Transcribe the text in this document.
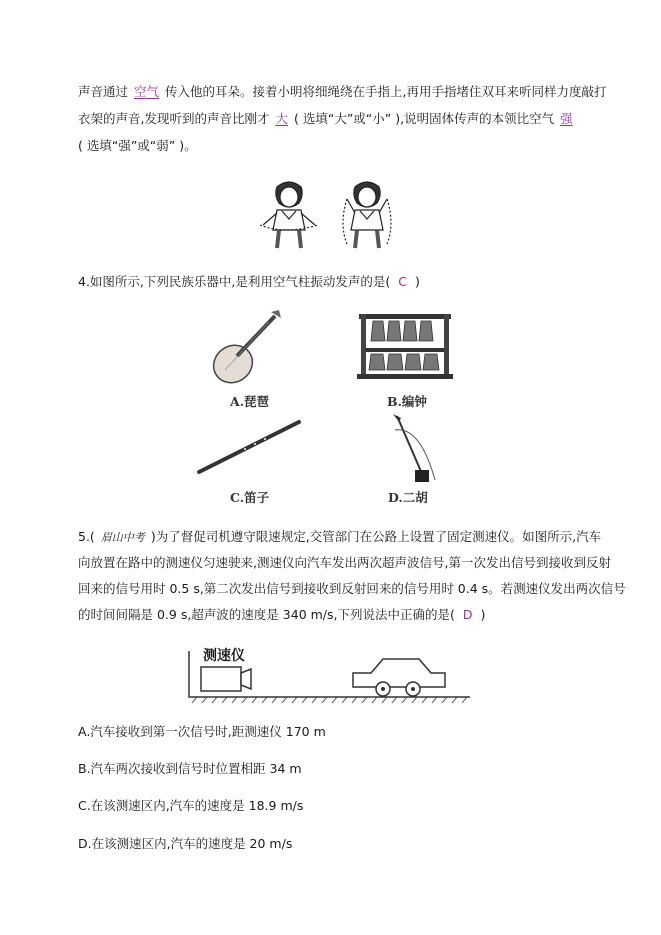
声音通过 空气 传入他的耳朵。接着小明将细绳绕在手指上,再用手指堵住双耳来听同样力度敲打
衣架的声音,发现听到的声音比刚才 大 ( 选填“大”或“小” ),说明固体传声的本领比空气 强
( 选填“强”或“弱” )。
4.如图所示,下列民族乐器中,是利用空气柱振动发声的是( C )
A.琵琶	B.编钟
C.笛子	D.二胡
5.( 眉山中考 )为了督促司机遵守限速规定,交管部门在公路上设置了固定测速仪。如图所示,汽车
向放置在路中的测速仪匀速驶来,测速仪向汽车发出两次超声波信号,第一次发出信号到接收到反射
回来的信号用时 0.5 s,第二次发出信号到接收到反射回来的信号用时 0.4 s。若测速仪发出两次信号
的时间间隔是 0.9 s,超声波的速度是 340 m/s,下列说法中正确的是( D )
测速仪
A.汽车接收到第一次信号时,距测速仪 170 m
B.汽车两次接收到信号时位置相距 34 m
C.在该测速区内,汽车的速度是 18.9 m/s
D.在该测速区内,汽车的速度是 20 m/s
